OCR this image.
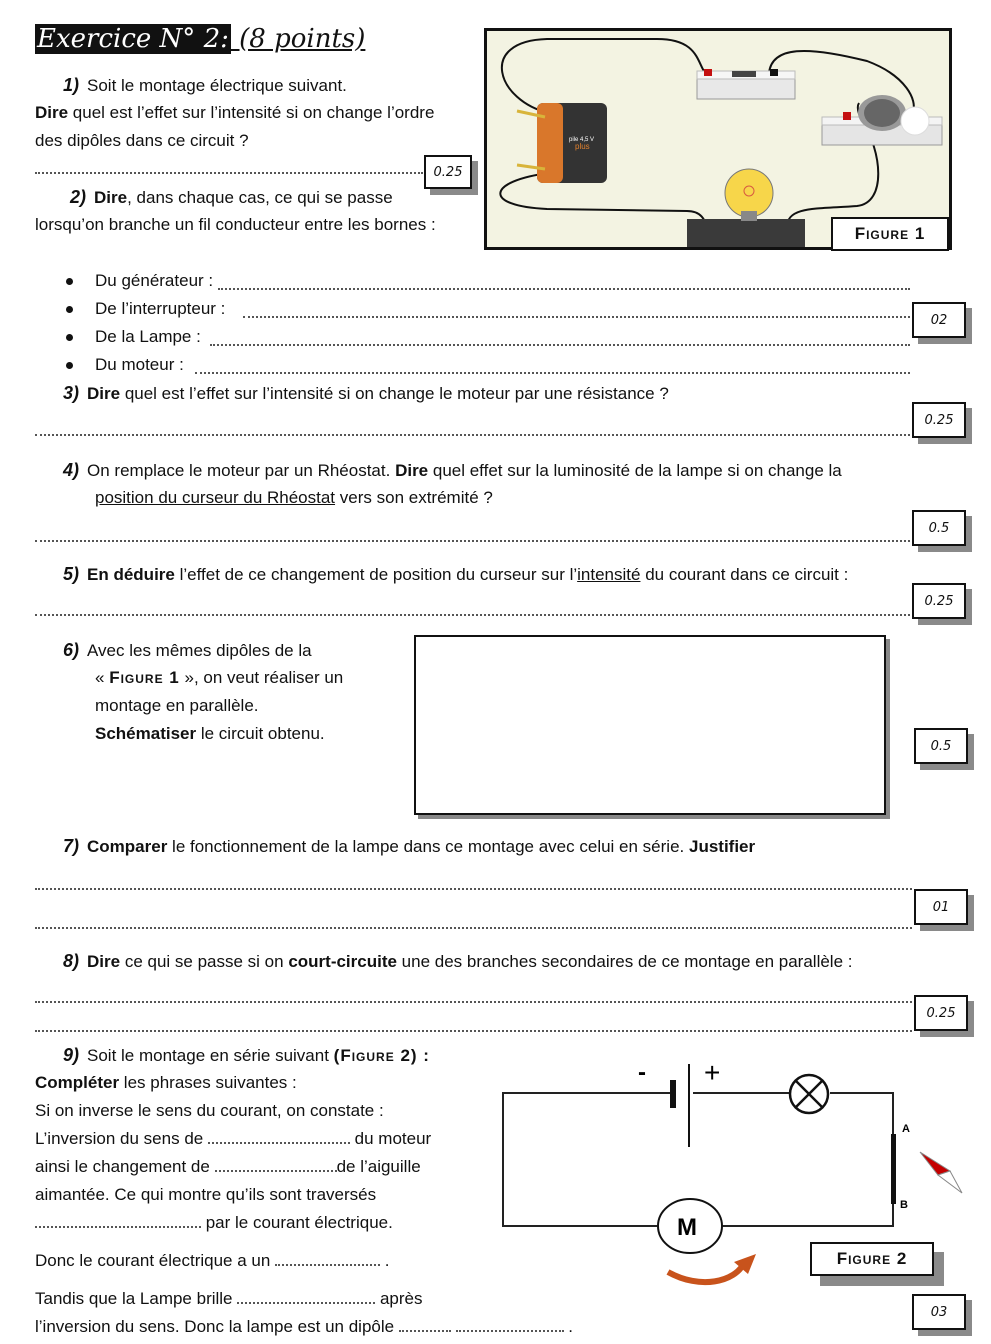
Exercice N° 2: (8 points)
1) Soit le montage électrique suivant.
Dire quel est l’effet sur l’intensité si on change l’ordre
des dipôles dans ce circuit ?
0.25
2) Dire, dans chaque cas, ce qui se passe
lorsqu’on branche un fil conducteur entre les bornes :
pile 4,5 V
plus
Figure 1
Du générateur :
De l’interrupteur :
De la Lampe :
Du moteur :
02
3) Dire quel est l’effet sur l’intensité si on change le moteur par une résistance ?
0.25
4) On remplace le moteur par un Rhéostat. Dire quel effet sur la luminosité de la lampe si on change la
position du curseur du Rhéostat vers son extrémité ?
0.5
5) En déduire l’effet de ce changement de position du curseur sur l’intensité du courant dans ce circuit :
0.25
6) Avec les mêmes dipôles de la
« Figure 1 », on veut réaliser un
montage en parallèle.
Schématiser le circuit obtenu.
0.5
7) Comparer le fonctionnement de la lampe dans ce montage avec celui en série. Justifier
01
8) Dire ce qui se passe si on court-circuite une des branches secondaires de ce montage en parallèle :
0.25
9) Soit le montage en série suivant (Figure 2) :
Compléter les phrases suivantes :
Si on inverse le sens du courant, on constate :
L’inversion du sens de	du moteur
ainsi le changement de	de l’aiguille
aimantée. Ce qui montre qu’ils sont traversés
par le courant électrique.
Donc le courant électrique a un	.
Tandis que la Lampe brille	après
l’inversion du sens. Donc la lampe est un dipôle	.
- +
A
B
M
Figure 2
03
